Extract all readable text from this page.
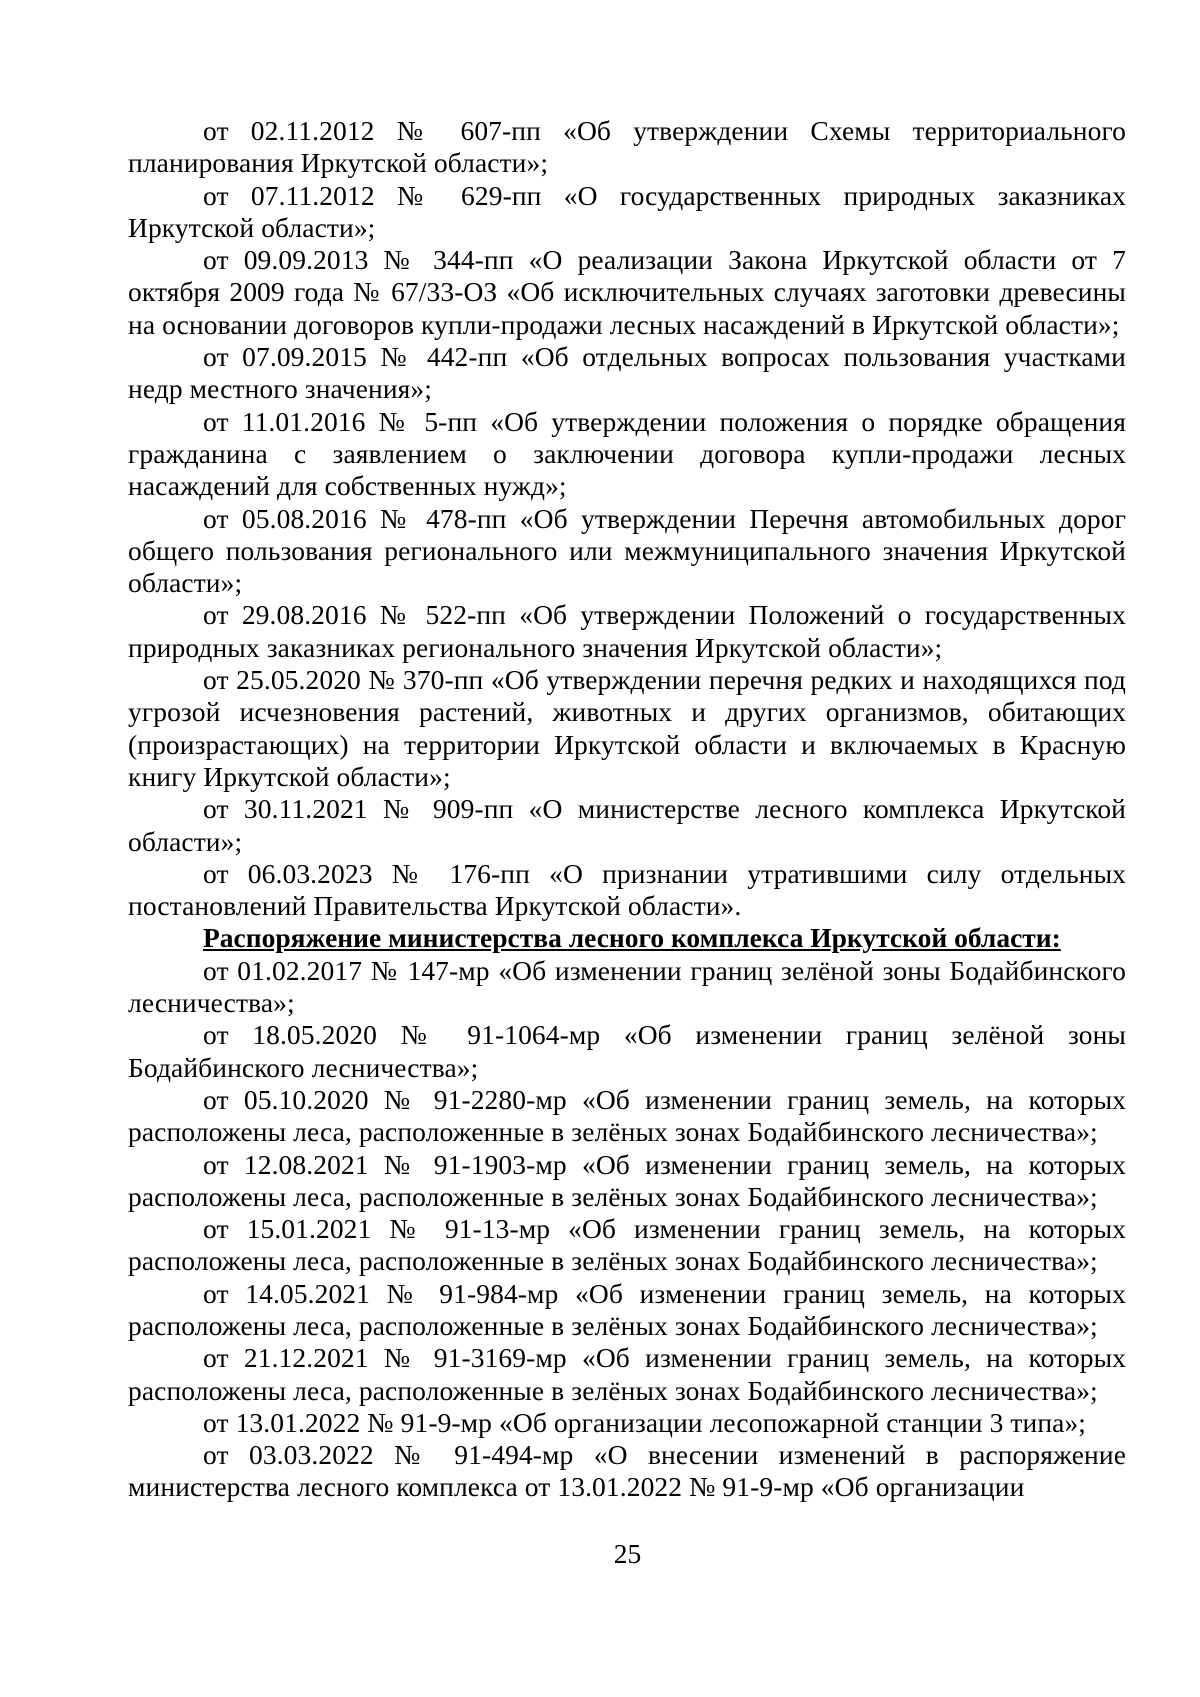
от 02.11.2012 № 607-пп «Об утверждении Схемы территориального планирования Иркутской области»;

от 07.11.2012 № 629-пп «О государственных природных заказниках Иркутской области»;

от 09.09.2013 № 344-пп «О реализации Закона Иркутской области от 7 октября 2009 года № 67/33-ОЗ «Об исключительных случаях заготовки древесины на основании договоров купли-продажи лесных насаждений в Иркутской области»;

от 07.09.2015 № 442-пп «Об отдельных вопросах пользования участками недр местного значения»;

от 11.01.2016 № 5-пп «Об утверждении положения о порядке обращения гражданина с заявлением о заключении договора купли-продажи лесных насаждений для собственных нужд»;

от 05.08.2016 № 478-пп «Об утверждении Перечня автомобильных дорог общего пользования регионального или межмуниципального значения Иркутской области»;

от 29.08.2016 № 522-пп «Об утверждении Положений о государственных природных заказниках регионального значения Иркутской области»;

от 25.05.2020 № 370-пп «Об утверждении перечня редких и находящихся под угрозой исчезновения растений, животных и других организмов, обитающих (произрастающих) на территории Иркутской области и включаемых в Красную книгу Иркутской области»;

от 30.11.2021 № 909-пп «О министерстве лесного комплекса Иркутской области»;

от 06.03.2023 № 176-пп «О признании утратившими силу отдельных постановлений Правительства Иркутской области».

Распоряжение министерства лесного комплекса Иркутской области:

от 01.02.2017 № 147-мр «Об изменении границ зелёной зоны Бодайбинского лесничества»;

от 18.05.2020 № 91-1064-мр «Об изменении границ зелёной зоны Бодайбинского лесничества»;

от 05.10.2020 № 91-2280-мр «Об изменении границ земель, на которых расположены леса, расположенные в зелёных зонах Бодайбинского лесничества»;

от 12.08.2021 № 91-1903-мр «Об изменении границ земель, на которых расположены леса, расположенные в зелёных зонах Бодайбинского лесничества»;

от 15.01.2021 № 91-13-мр «Об изменении границ земель, на которых расположены леса, расположенные в зелёных зонах Бодайбинского лесничества»;

от 14.05.2021 № 91-984-мр «Об изменении границ земель, на которых расположены леса, расположенные в зелёных зонах Бодайбинского лесничества»;

от 21.12.2021 № 91-3169-мр «Об изменении границ земель, на которых расположены леса, расположенные в зелёных зонах Бодайбинского лесничества»;

от 13.01.2022 № 91-9-мр «Об организации лесопожарной станции 3 типа»;

от 03.03.2022 № 91-494-мр «О внесении изменений в распоряжение министерства лесного комплекса от 13.01.2022 № 91-9-мр «Об организации

25
